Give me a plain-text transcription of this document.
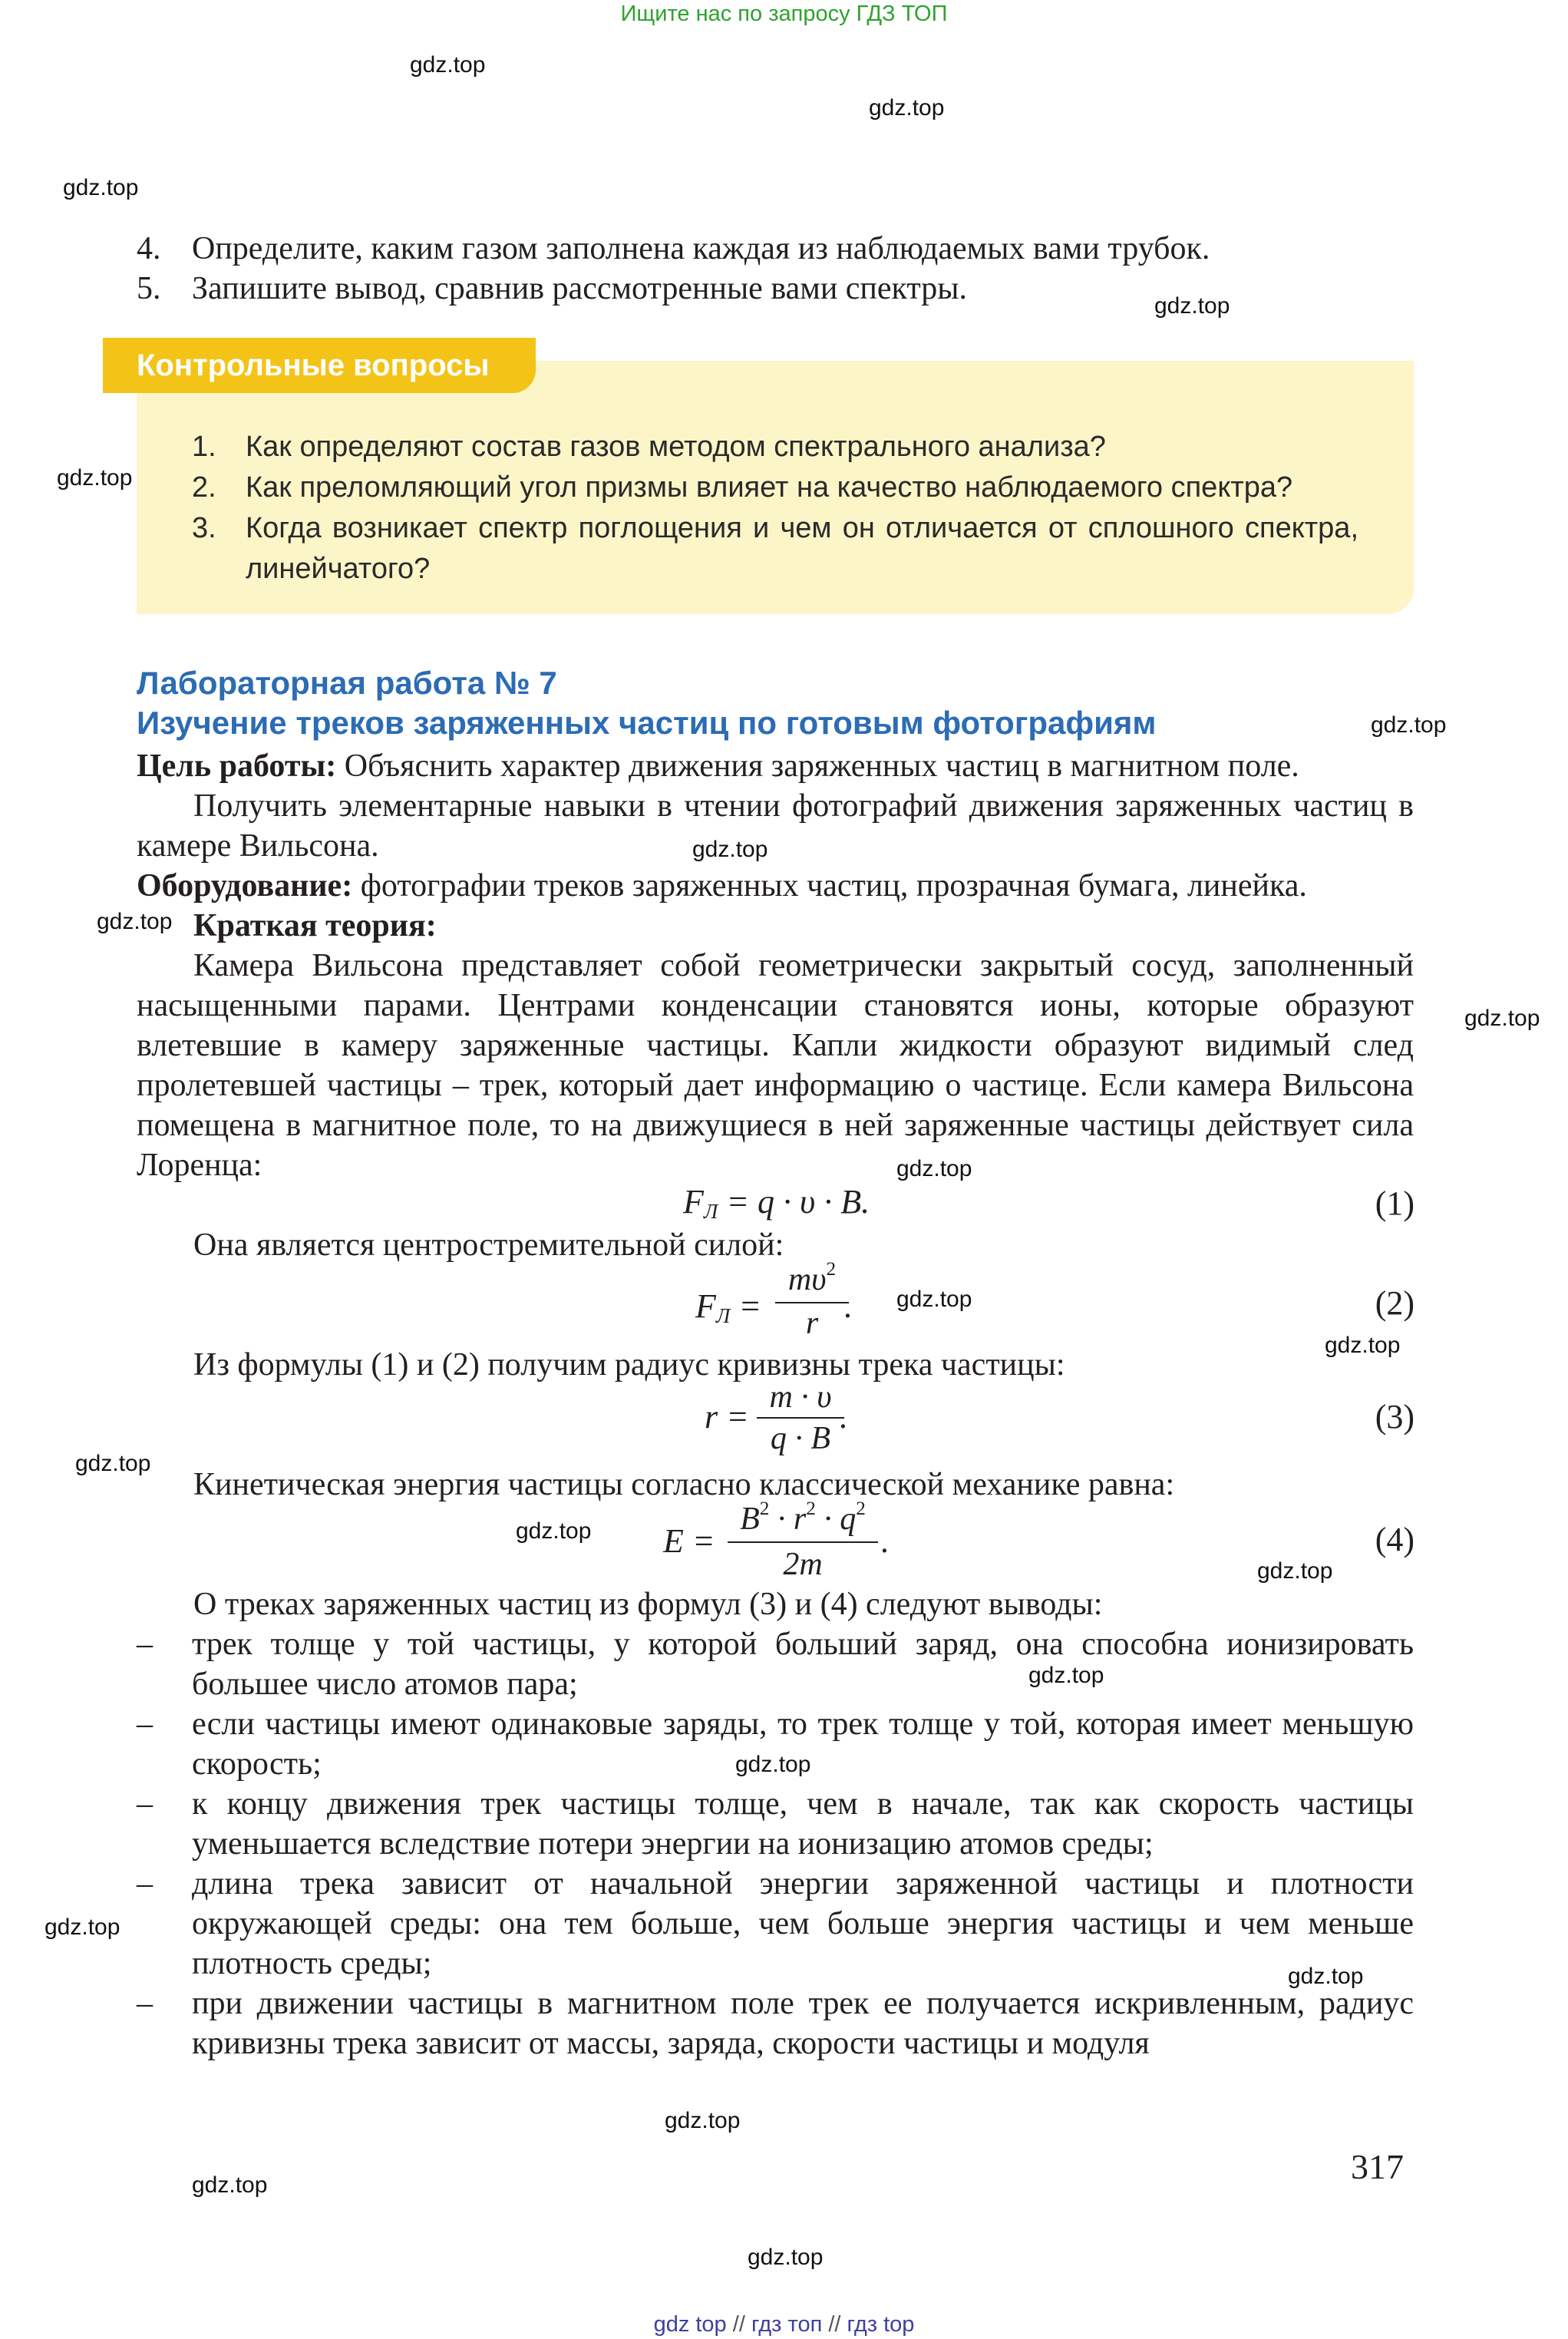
Ищите нас по запросу ГДЗ ТОП
gdz.top
gdz.top
gdz.top
gdz.top
gdz.top
gdz.top
gdz.top
gdz.top
gdz.top
gdz.top
gdz.top
gdz.top
gdz.top
gdz.top
gdz.top
gdz.top
gdz.top
gdz.top
gdz.top
gdz.top
gdz.top
gdz.top
4. Определите, каким газом заполнена каждая из наблюдаемых вами трубок.
5. Запишите вывод, сравнив рассмотренные вами спектры.
Контрольные вопросы
1. Как определяют состав газов методом спектрального анализа?
2. Как преломляющий угол призмы влияет на качество наблюдаемого спектра?
3. Когда возникает спектр поглощения и чем он отличается от сплошного спектра, линейчатого?
Лабораторная работа № 7
Изучение треков заряженных частиц по готовым фотографиям
Цель работы: Объяснить характер движения заряженных частиц в магнитном поле.
Получить элементарные навыки в чтении фотографий движения заряженных частиц в камере Вильсона.
Оборудование: фотографии треков заряженных частиц, прозрачная бумага, линейка.
Краткая теория:
Камера Вильсона представляет собой геометрически закрытый сосуд, заполненный насыщенными парами. Центрами конденсации становятся ионы, которые образуют влетевшие в камеру заряженные частицы. Капли жидкости образуют видимый след пролетевшей частицы – трек, который дает информацию о частице. Если камера Вильсона помещена в магнитное поле, то на движущиеся в ней заряженные частицы действует сила Лоренца:
$F_Л = q \cdot \upsilon \cdot B$.	(1)
Она является центростремительной силой:
$F_Л$ =
$m\upsilon^2$
r .	(2)
Из формулы (1) и (2) получим радиус кривизны трека частицы:
r =
m · υ
q · B
.	(3)
Кинетическая энергия частицы согласно классической механике равна:
E =
$B^2 \cdot r^2 \cdot q^2$
2m
.	(4)
О треках заряженных частиц из формул (3) и (4) следуют выводы:
– трек толще у той частицы, у которой больший заряд, она способна ионизировать большее число атомов пара;
– если частицы имеют одинаковые заряды, то трек толще у той, которая имеет меньшую скорость;
– к концу движения трек частицы толще, чем в начале, так как скорость частицы уменьшается вследствие потери энергии на ионизацию атомов среды;
– длина трека зависит от начальной энергии заряженной частицы и плотности окружающей среды: она тем больше, чем больше энергия частицы и чем меньше плотность среды;
– при движении частицы в магнитном поле трек ее получается искривленным, радиус кривизны трека зависит от массы, заряда, скорости частицы и модуля
317
gdz top // гдз топ // гдз top
